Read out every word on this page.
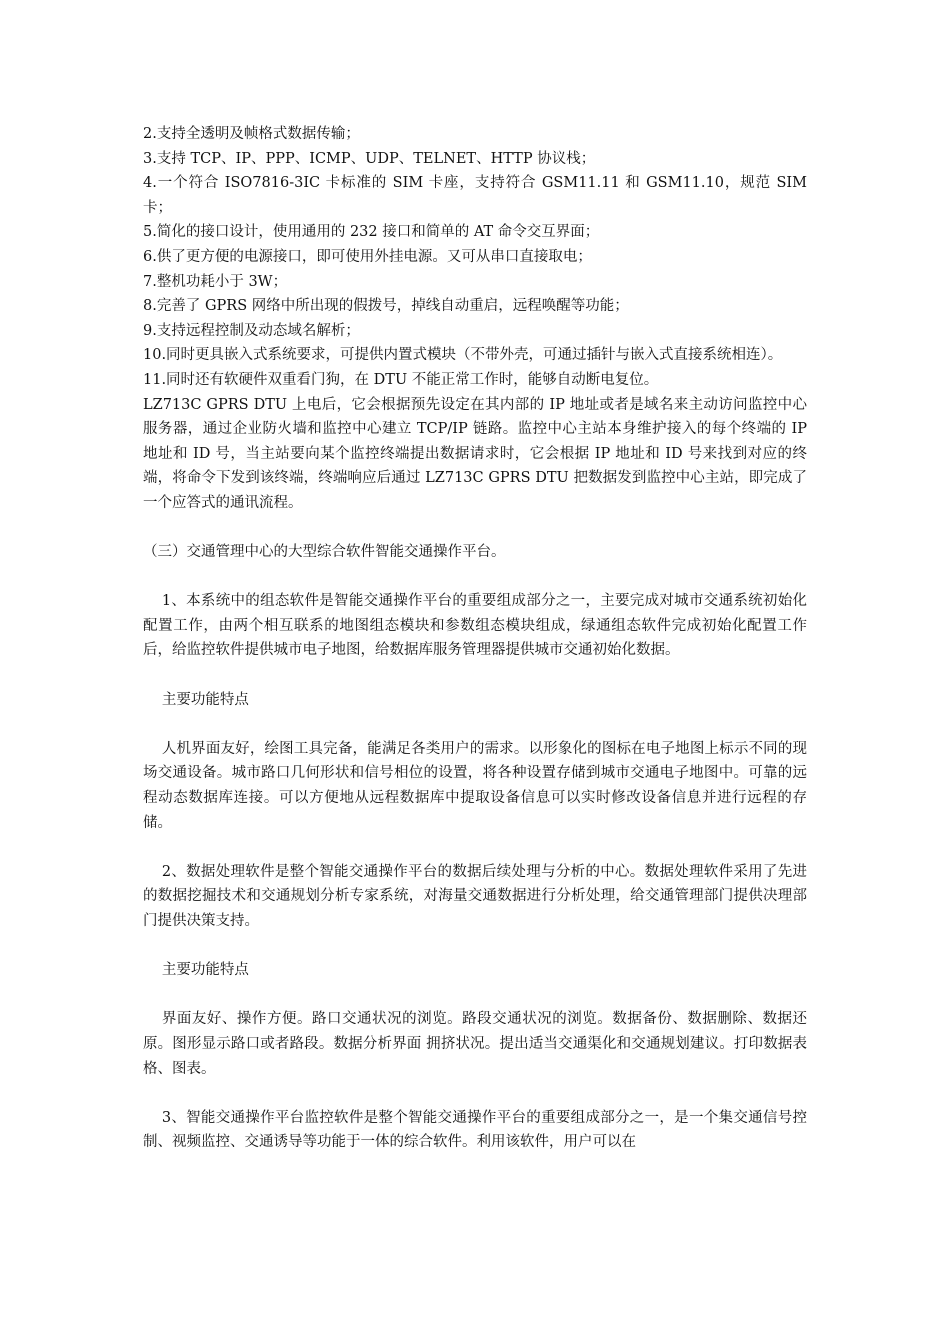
2.支持全透明及帧格式数据传输；

3.支持 TCP、IP、PPP、ICMP、UDP、TELNET、HTTP 协议栈；

4.一个符合 ISO7816-3IC 卡标准的 SIM 卡座，支持符合 GSM11.11 和 GSM11.10，规范 SIM 卡；

5.简化的接口设计，使用通用的 232 接口和简单的 AT 命令交互界面；

6.供了更方便的电源接口，即可使用外挂电源。又可从串口直接取电；

7.整机功耗小于 3W；

8.完善了 GPRS 网络中所出现的假拨号，掉线自动重启，远程唤醒等功能；

9.支持远程控制及动态域名解析；

10.同时更具嵌入式系统要求，可提供内置式模块（不带外壳，可通过插针与嵌入式直接系统相连）。

11.同时还有软硬件双重看门狗，在 DTU 不能正常工作时，能够自动断电复位。

LZ713C GPRS DTU 上电后，它会根据预先设定在其内部的 IP 地址或者是域名来主动访问监控中心服务器，通过企业防火墙和监控中心建立 TCP/IP 链路。监控中心主站本身维护接入的每个终端的 IP 地址和 ID 号，当主站要向某个监控终端提出数据请求时，它会根据 IP 地址和 ID 号来找到对应的终端，将命令下发到该终端，终端响应后通过 LZ713C GPRS DTU 把数据发到监控中心主站，即完成了一个应答式的通讯流程。

（三）交通管理中心的大型综合软件智能交通操作平台。

1、本系统中的组态软件是智能交通操作平台的重要组成部分之一，主要完成对城市交通系统初始化配置工作，由两个相互联系的地图组态模块和参数组态模块组成，绿通组态软件完成初始化配置工作后，给监控软件提供城市电子地图，给数据库服务管理器提供城市交通初始化数据。

主要功能特点

人机界面友好，绘图工具完备，能满足各类用户的需求。以形象化的图标在电子地图上标示不同的现场交通设备。城市路口几何形状和信号相位的设置，将各种设置存储到城市交通电子地图中。可靠的远程动态数据库连接。可以方便地从远程数据库中提取设备信息可以实时修改设备信息并进行远程的存储。

2、数据处理软件是整个智能交通操作平台的数据后续处理与分析的中心。数据处理软件采用了先进的数据挖掘技术和交通规划分析专家系统，对海量交通数据进行分析处理，给交通管理部门提供决理部门提供决策支持。

主要功能特点

界面友好、操作方便。路口交通状况的浏览。路段交通状况的浏览。数据备份、数据删除、数据还原。图形显示路口或者路段。数据分析界面 拥挤状况。提出适当交通渠化和交通规划建议。打印数据表格、图表。

3、智能交通操作平台监控软件是整个智能交通操作平台的重要组成部分之一，是一个集交通信号控制、视频监控、交通诱导等功能于一体的综合软件。利用该软件，用户可以在
